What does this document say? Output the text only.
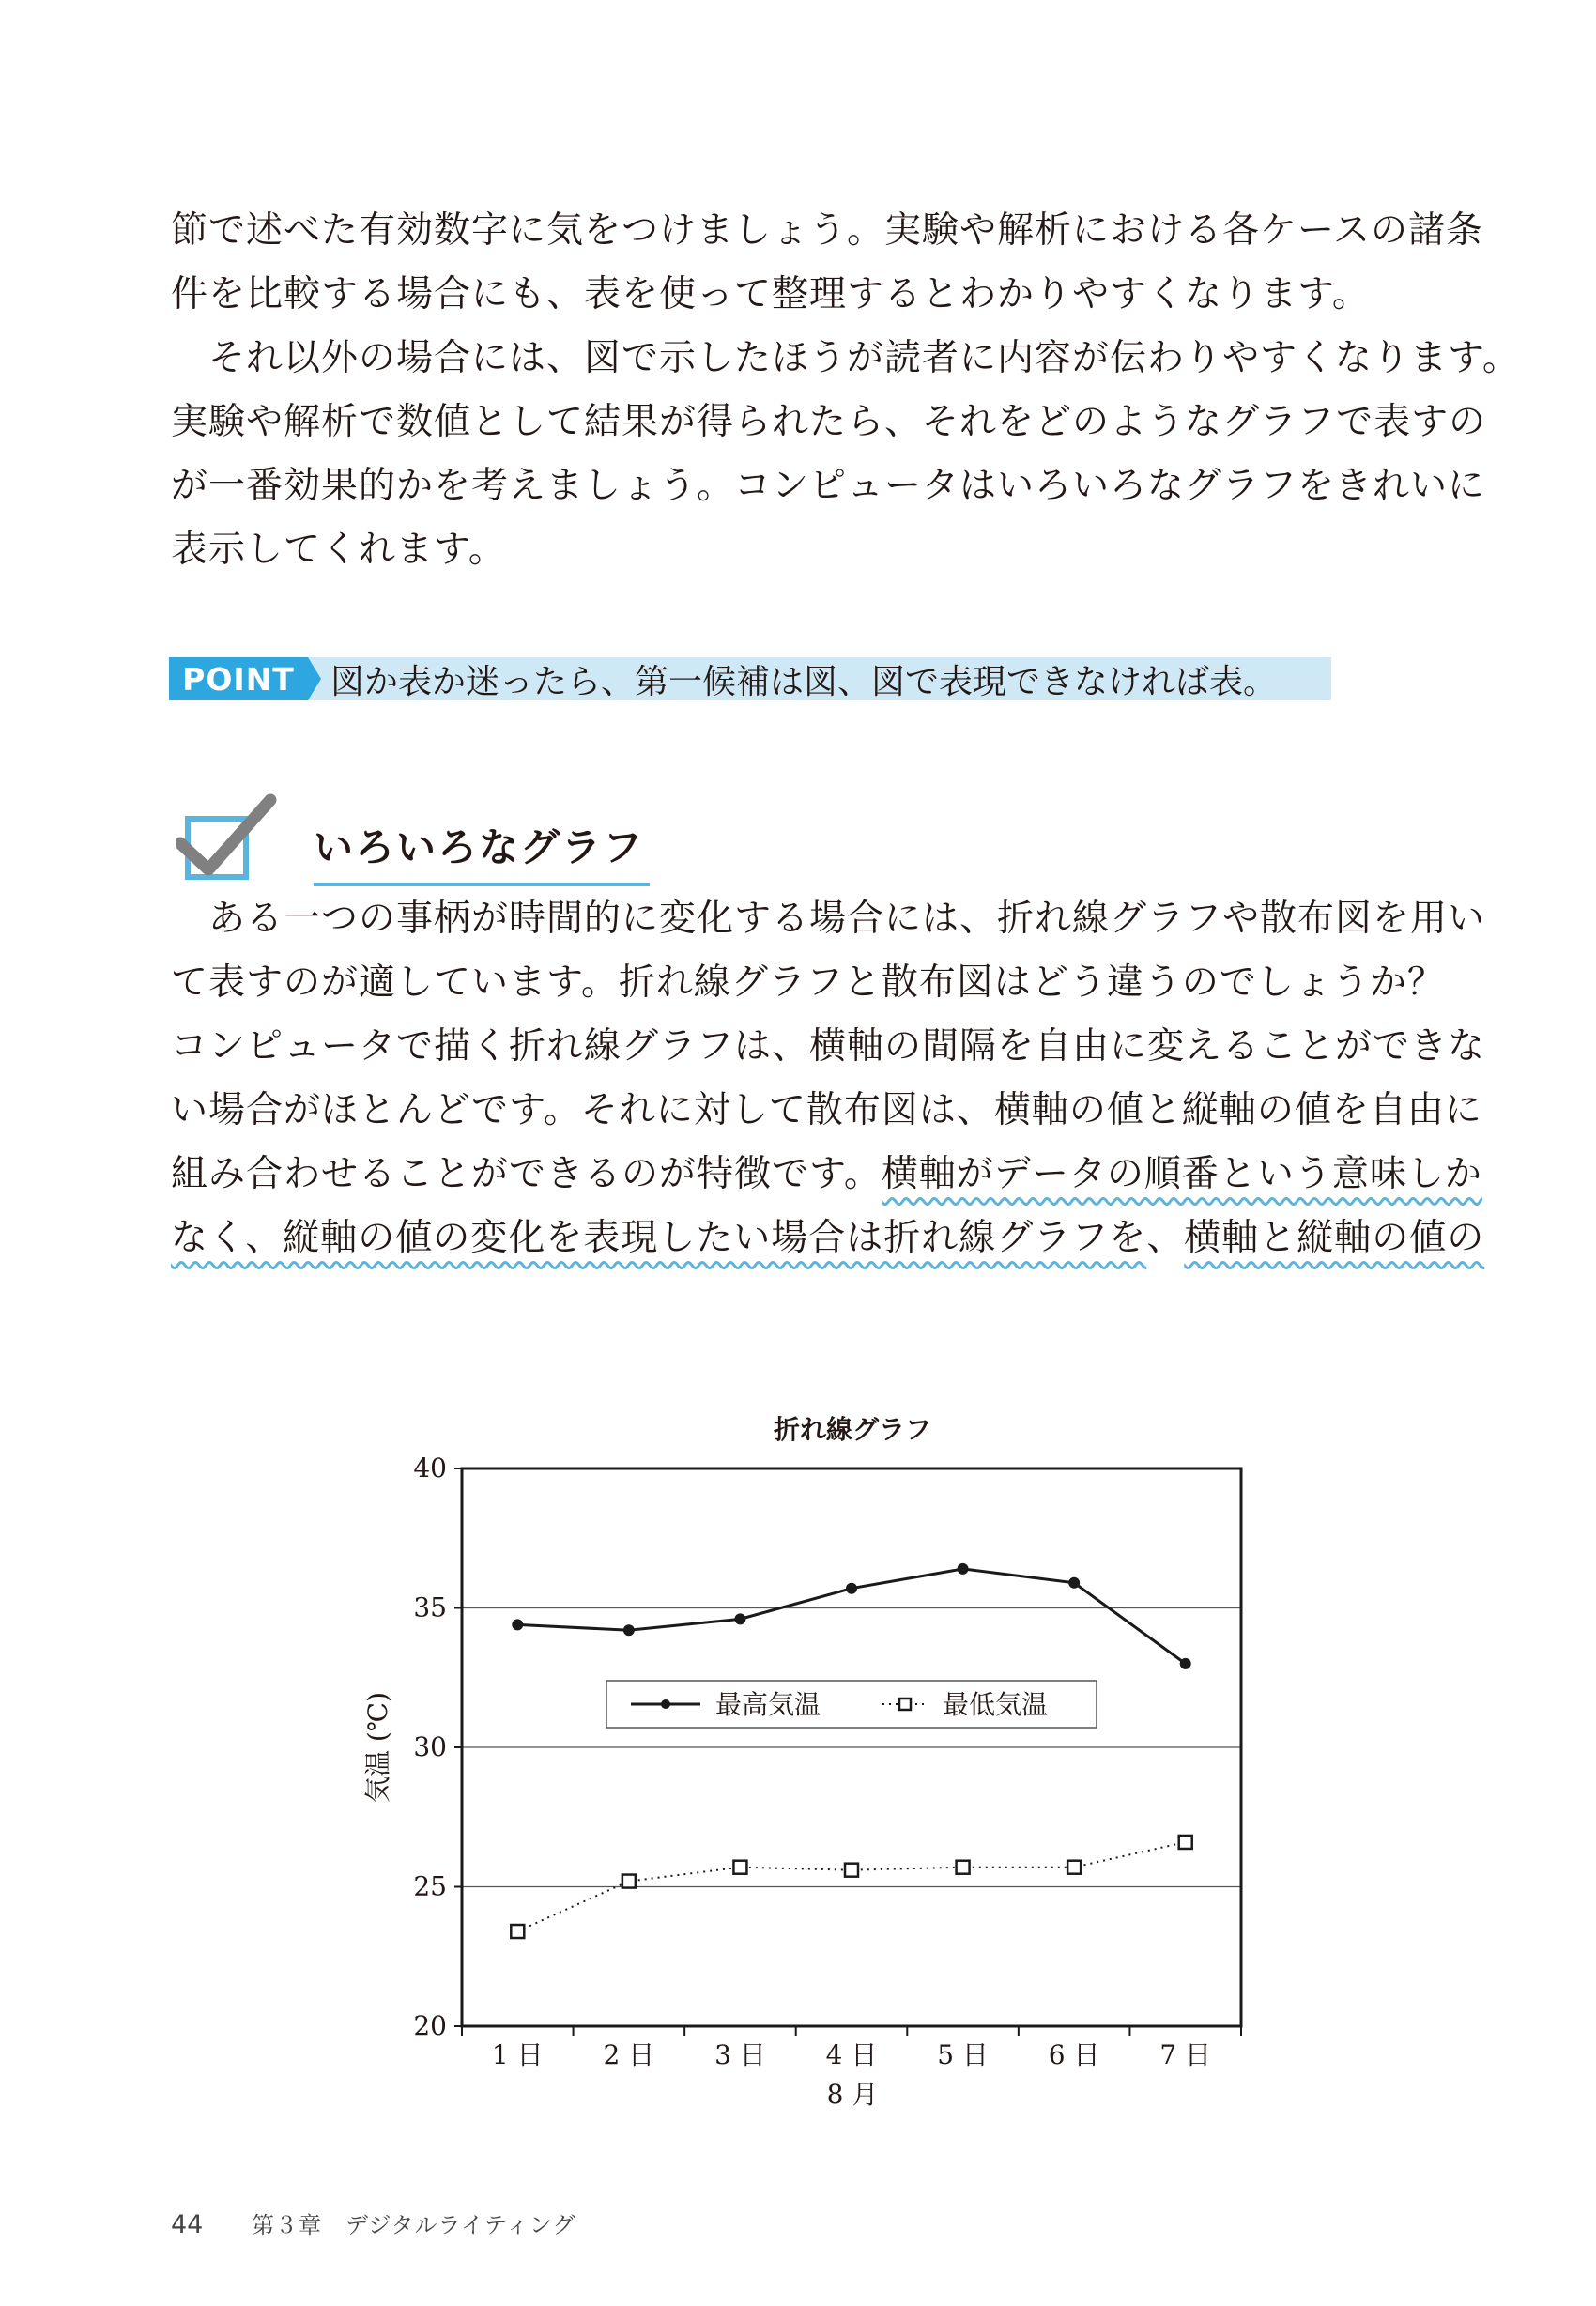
節で述べた有効数字に気をつけましょう。実験や解析における各ケースの諸条
件を比較する場合にも、表を使って整理するとわかりやすくなります。
それ以外の場合には、図で示したほうが読者に内容が伝わりやすくなります。
実験や解析で数値として結果が得られたら、それをどのようなグラフで表すの
が一番効果的かを考えましょう。コンピュータはいろいろなグラフをきれいに
表示してくれます。
POINT	図か表か迷ったら、第一候補は図、図で表現できなければ表。
いろいろなグラフ
ある一つの事柄が時間的に変化する場合には、折れ線グラフや散布図を用い
て表すのが適しています。折れ線グラフと散布図はどう違うのでしょうか？
コンピュータで描く折れ線グラフは、横軸の間隔を自由に変えることができな
い場合がほとんどです。それに対して散布図は、横軸の値と縦軸の値を自由に
組み合わせることができるのが特徴です。横軸がデータの順番という意味しか
なく、縦軸の値の変化を表現したい場合は折れ線グラフを、横軸と縦軸の値の
折れ線グラフ
20
25
30
35
40
1 日 2 日 3 日 4 日 5 日 6 日 7 日
気温 (℃)
8 月
最高気温	最低気温
44 第３章　デジタルライティング
